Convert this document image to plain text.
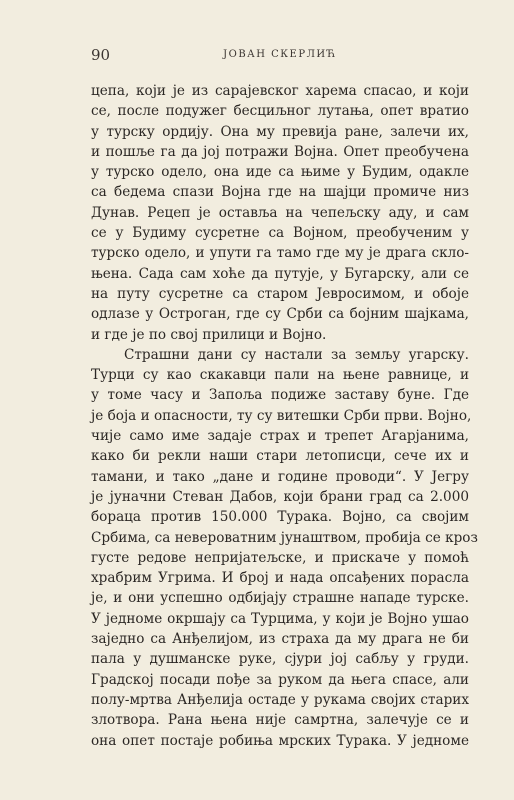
90	ЈОВАН СКЕРЛИЋ

цепа, који је из сарајевског харема спасао, и који
се, после подужег бесциљног лутања, опет вратио
у турску ордију. Она му превија ране, залечи их,
и пошље га да јој потражи Војна. Опет преобучена
у турско одело, она иде са њиме у Будим, одакле
са бедема спази Војна где на шајци промиче низ
Дунав. Рецеп је оставља на чепељску аду, и сам
се у Будиму сусретне са Војном, преобученим у
турско одело, и упути га тамо где му је драга скло-
њена. Сада сам хоће да путује, у Бугарску, али се
на путу сусретне са старом Јевросимом, и обоје
одлазе у Остроган, где су Срби са бојним шајкама,
и где је по свој прилици и Војно.

Страшни дани су настали за земљу угарску.
Турци су као скакавци пали на њене равнице, и
у томе часу и Запоља подиже заставу буне. Где
је боја и опасности, ту су витешки Срби први. Војно,
чије само име задаје страх и трепет Агарјанима,
како би рекли наши стари летописци, сече их и
тамани, и тако „дане и године проводи“. У Јегру
је јуначни Стеван Дабов, који брани град са 2.000
бораца против 150.000 Турака. Војно, са својим
Србима, са невероватним јунаштвом, пробија се кроз
густе редове непријатељске, и прискаче у помоћ
храбрим Угрима. И број и нада опсађених порасла
је, и они успешно одбијају страшне нападе турске.
У једноме окршају са Турцима, у који је Војно ушао
заједно са Анђелијом, из страха да му драга не би
пала у душманске руке, сјури јој сабљу у груди.
Градској посади пође за руком да њега спасе, али
полу-мртва Анђелија остаде у рукама својих старих
злотвора. Рана њена није самртна, залечује се и
она опет постаје робиња мрских Турака. У једноме
